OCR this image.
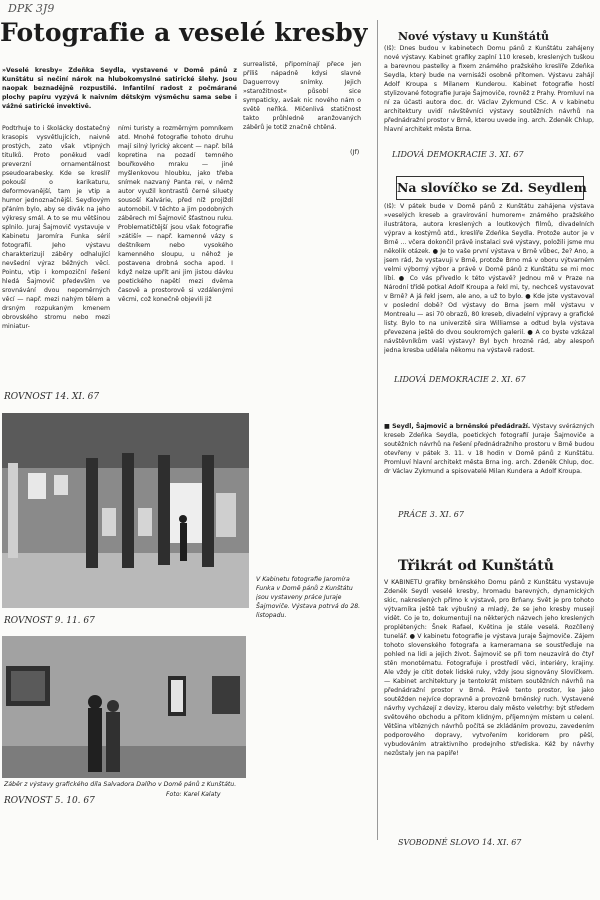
DPK 3J9
Fotografie a veselé kresby
»Veselé kresby« Zdeňka Seydla, vystavené v Domě pánů z Kunštátu si nečiní nárok na hlubokomyslné satirické šlehy. Jsou naopak beznadějně rozpustilé. Infantilní radost z počmárané plochy papíru vyzývá k naivním dětským výsměchu sama sebe i vážné satirické invektivě.
Podtrhuje to i školácky dostatečný krasopis vysvětlujících, naivně prostých, zato však vtipných titulků. Proto poněkud vadí preverzní ornamentálnost pseudoarabesky. Kde se kreslíř pokouší o karikaturu, deformovanější, tam je vtip a humor jednoznačnější. Seydlovým přáním bylo, aby se divák na jeho výkresy smál. A to se mu většinou splnilo. Juraj Šajmovič vystavuje v Kabinetu Jaromíra Funka sérií fotografií. Jeho výstavu charakterizují záběry odhalující nevšední výraz běžných věcí. Pointu, vtip i kompoziční řešení hledá Šajmovič především ve srovnávání dvou nepoměrných věcí — např. mezi nahým tělem a drsným rozpukaným kmenem obrovského stromu nebo mezi miniatur-
ními turisty a rozměrným pomníkem atd. Mnohé fotografie tohoto druhu mají silný lyrický akcent — např. bílá kopretina na pozadí temného bouřkového mraku — jiné myšlenkovou hloubku, jako třeba snímek nazvaný Panta rei, v němž autor využil kontrastů černé siluety sousoší Kalvárie, před níž projíždí automobil. V těchto a jim podobných záběrech mí Šajmovič šťastnou ruku. Problematičtější jsou však fotografie »zátiší« — např. kamenné vázy s deštníkem nebo vysokého kamenného sloupu, u něhož je postavena drobná socha apod. I když nelze upřít ani jim jistou dávku poetického napětí mezi dvěma časově a prostorově si vzdálenými věcmi, což konečně objevili již
surrealisté, připomínají přece jen příliš nápadně kdysi slavné Daguerrovy snímky. Jejich »starožitnost« působí sice sympaticky, avšak nic nového nám o světě neříká. Mičenlivá statičnost takto průhledně aranžovaných záběrů je totiž značně chtěná.
(Jf)
ROVNOST 14. XI. 67
V Kabinetu fotografie Jaromíra Funka v Domě pánů z Kunštátu jsou vystaveny práce Juraje Šajmoviče. Výstava potrvá do 28. listopadu.
ROVNOST 9. 11. 67
Záběr z výstavy grafického díla Salvadora Dalího v Domě pánů z Kunštátu.
Foto: Karel Kalaty
ROVNOST 5. 10. 67
Nové výstavy u Kunštátů
(Iš): Dnes budou v kabinetech Domu pánů z Kunštátu zahájeny nové výstavy. Kabinet grafiky zaplní 110 kreseb, kreslených tuškou a barevnou pastelky a fixem známého pražského kreslíře Zdeňka Seydla, který bude na vernisáži osobně přítomen. Výstavu zahájí Adolf Kroupa s Milanem Kunderou. Kabinet fotografie hostí stylizované fotografie Juraje Šajmoviče, rovněž z Prahy. Promluví na ní za účasti autora doc. dr. Václav Zykmund CSc. A v kabinetu architektury uvidí návštěvníci výstavy soutěžních návrhů na přednádražní prostor v Brně, kterou uvede ing. arch. Zdeněk Chlup, hlavní architekt města Brna.
LIDOVÁ DEMOKRACIE 3. XI. 67
Na slovíčko se Zd. Seydlem
(Iš): V pátek bude v Domě pánů z Kunštátu zahájena výstava »veselých kreseb a gravírování humorem« známého pražského ilustrátora, autora kreslených a loutkových filmů, divadelních výprav a kostýmů atd., kreslíře Zdeňka Seydla. Protože autor je v Brně ... včera dokončil právě instalaci své výstavy, položili jsme mu několik otázek. ● Je to vaše první výstava v Brně vůbec, že? Ano, a jsem rád, že vystavuji v Brně, protože Brno má v oboru výtvarném velmi výborný výbor a právě v Domě pánů z Kunštátu se mi moc líbí. ● Co vás přivedlo k této výstavě? Jednou mě v Praze na Národní třídě potkal Adolf Kroupa a řekl mi, ty, nechceš vystavovat v Brně? A já řekl jsem, ale ano, a už to bylo. ● Kde jste vystavoval v poslední době? Od výstavy do Brna jsem měl výstavu v Montrealu — asi 70 obrazů, 80 kreseb, divadelní výpravy a grafické listy. Bylo to na univerzitě sira Williamse a odtud byla výstava převezena ještě do dvou soukromých galerií. ● A co byste vzkázal návštěvníkům vaší výstavy? Byl bych hrozně rád, aby alespoň jedna kresba udělala někomu na výstavě radost.
LIDOVÁ DEMOKRACIE 2. XI. 67
■ Seydl, Šajmovič a brněnské předádraží. Výstavy svérázných kreseb Zdeňka Seydla, poetických fotografií Juraje Šajmoviče a soutěžních návrhů na řešení přednádražního prostoru v Brně budou otevřeny v pátek 3. 11. v 18 hodin v Domě pánů z Kunštátu. Promluví hlavní architekt města Brna ing. arch. Zdeněk Chlup, doc. dr Václav Zykmund a spisovatelé Milan Kundera a Adolf Kroupa.
PRÁCE 3. XI. 67
Třikrát od Kunštátů
V KABINETU grafiky brněnského Domu pánů z Kunštátu vystavuje Zdeněk Seydl veselé kresby, hromadu barevných, dynamických skic, nakreslených přímo k výstavě, pro Brňany. Svět je pro tohoto výtvarníka ještě tak výbušný a mladý, že se jeho kresby musejí vidět. Co je to, dokumentují na některých názvech jeho kreslených proplétených: Šnek Rafael, Květina je stále veselá. Rozčílený tunelář. ● V kabinetu fotografie je výstava Juraje Šajmoviče. Zájem tohoto slovenského fotografa a kameramana se soustřeďuje na pohled na lidi a jejich život. Šajmovič se při tom neuzavírá do čtyř stěn monotématu. Fotografuje i prostředí věci, interiéry, krajiny. Ale vždy je cítit dotek lidské ruky, vždy jsou signovány Slovíčkem. — Kabinet architektury je tentokrát místem soutěžních návrhů na přednádražní prostor v Brně. Právě tento prostor, ke jako soutěžden nejvíce dopravně a provozně brněnský ruch. Vystavené návrhy vycházejí z devizy, kterou daly město veletrhy: být středem světového obchodu a přitom klidným, příjemným místem u celení. Většina vítězných návrhů počítá se zkládáním provozu, zavedením podporového dopravy, vytvořením koridorem pro pěší, vybudováním atraktivního prodejního střediska. Kéž by návrhy nezůstaly jen na papíře!
SVOBODNÉ SLOVO 14. XI. 67
